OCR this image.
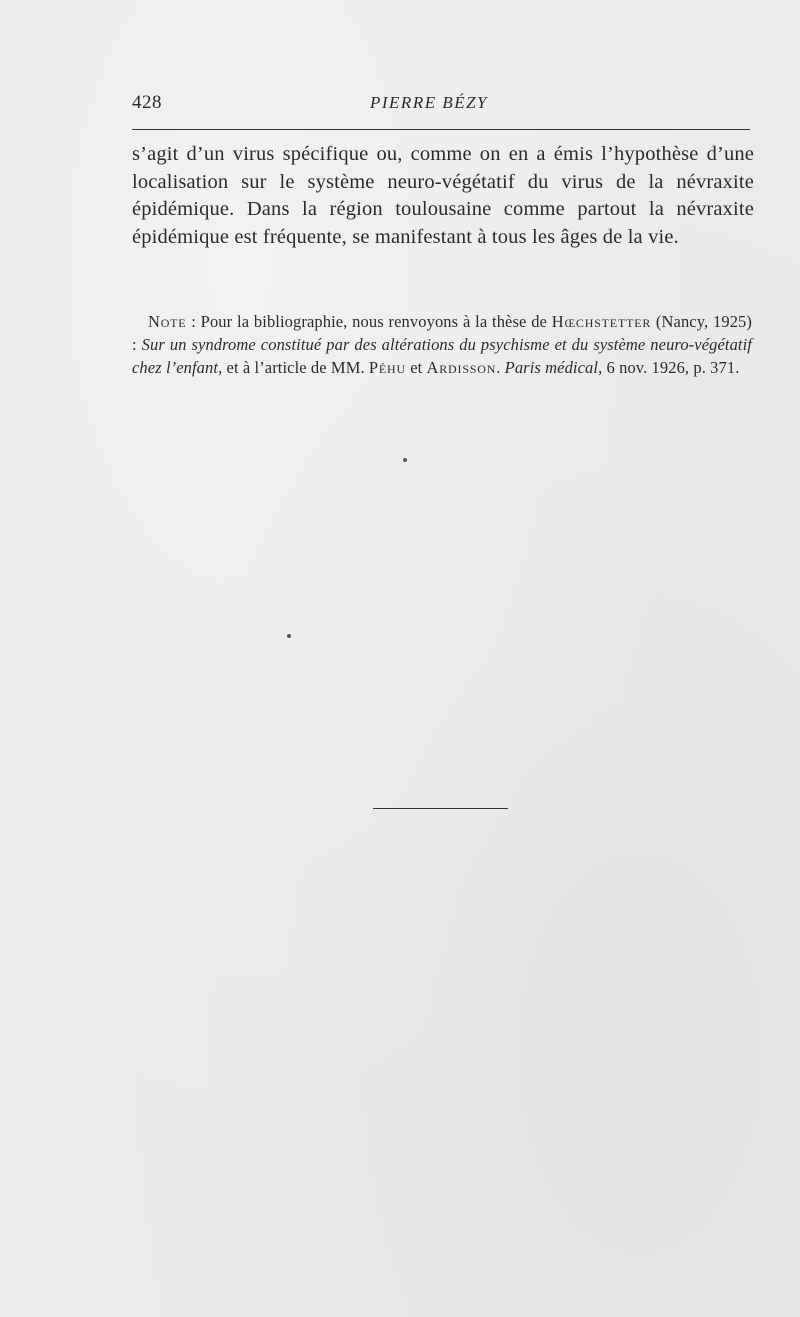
428	PIERRE BÉZY

s’agit d’un virus spécifique ou, comme on en a émis l’hypothèse d’une localisation sur le système neuro-végétatif du virus de la névraxite épidémique. Dans la région toulousaine comme partout la névraxite épidémique est fréquente, se manifestant à tous les âges de la vie.

Note : Pour la bibliographie, nous renvoyons à la thèse de Hœchstetter (Nancy, 1925) : Sur un syndrome constitué par des altérations du psychisme et du système neuro-végétatif chez l’enfant, et à l’article de MM. Péhu et Ardisson. Paris médical, 6 nov. 1926, p. 371.
